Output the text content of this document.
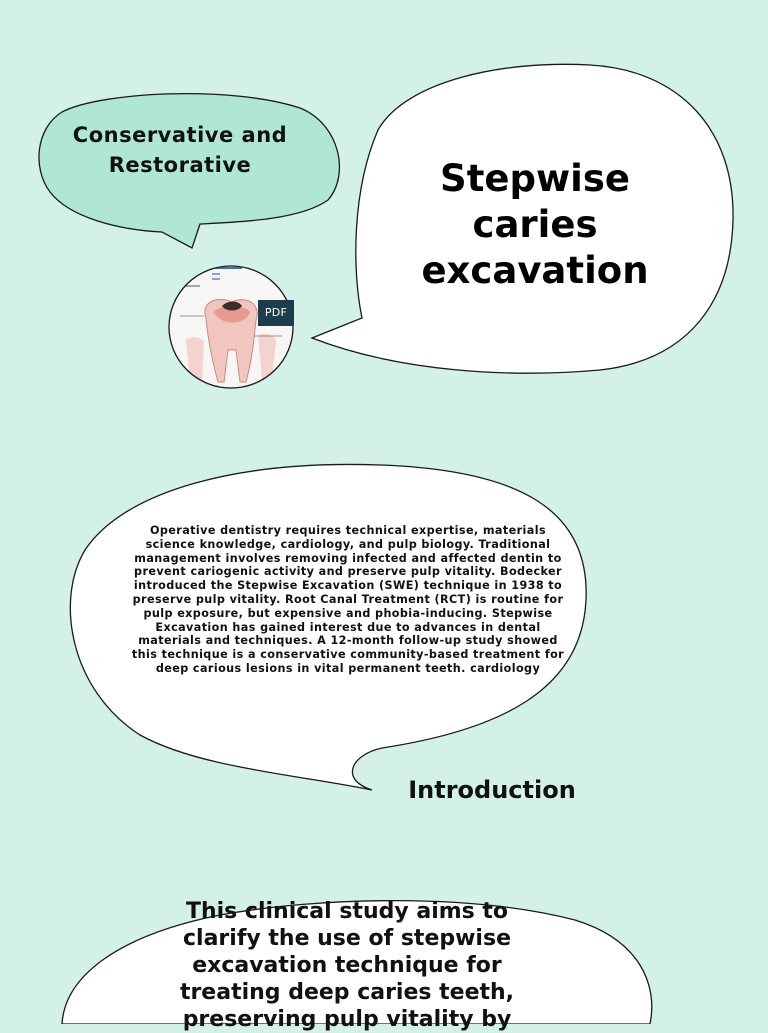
Conservative and Restorative	Stepwise caries excavation
PDF
Operative dentistry requires technical expertise, materials science knowledge, cardiology, and pulp biology. Traditional management involves removing infected and affected dentin to prevent cariogenic activity and preserve pulp vitality. Bodecker introduced the Stepwise Excavation (SWE) technique in 1938 to preserve pulp vitality. Root Canal Treatment (RCT) is routine for pulp exposure, but expensive and phobia-inducing. Stepwise Excavation has gained interest due to advances in dental materials and techniques. A 12-month follow-up study showed this technique is a conservative community-based treatment for deep carious lesions in vital permanent teeth. cardiology
Introduction
This clinical study aims to clarify the use of stepwise excavation technique for treating deep caries teeth, preserving pulp vitality by
